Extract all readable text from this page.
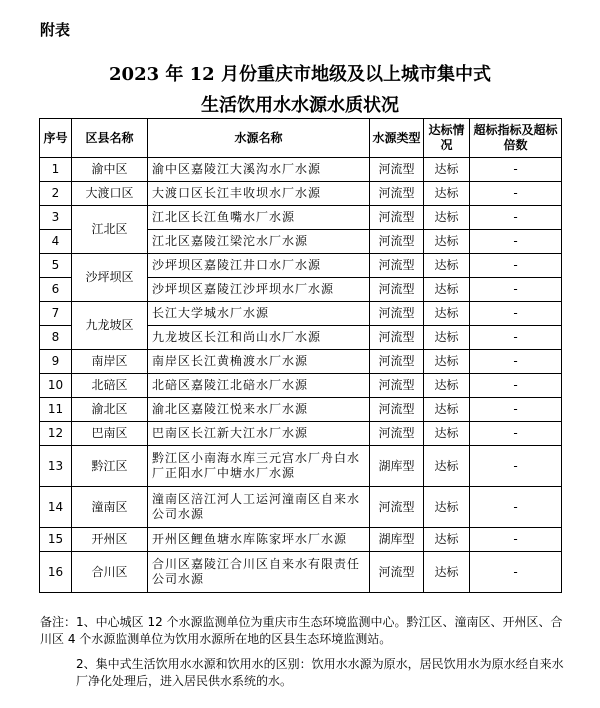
附表
2023 年 12 月份重庆市地级及以上城市集中式
生活饮用水水源水质状况
序号	区县名称	水源名称	水源类型	达标情况	超标指标及超标倍数
1	渝中区	渝中区嘉陵江大溪沟水厂水源	河流型	达标	-
2	大渡口区	大渡口区长江丰收坝水厂水源	河流型	达标	-
3	江北区	江北区长江鱼嘴水厂水源	河流型	达标	-
4		江北区嘉陵江梁沱水厂水源	河流型	达标	-
5	沙坪坝区	沙坪坝区嘉陵江井口水厂水源	河流型	达标	-
6		沙坪坝区嘉陵江沙坪坝水厂水源	河流型	达标	-
7	九龙坡区	长江大学城水厂水源	河流型	达标	-
8		九龙坡区长江和尚山水厂水源	河流型	达标	-
9	南岸区	南岸区长江黄桷渡水厂水源	河流型	达标	-
10	北碚区	北碚区嘉陵江北碚水厂水源	河流型	达标	-
11	渝北区	渝北区嘉陵江悦来水厂水源	河流型	达标	-
12	巴南区	巴南区长江新大江水厂水源	河流型	达标	-
13	黔江区	黔江区小南海水库三元宫水厂舟白水厂正阳水厂中塘水厂水源	湖库型	达标	-
14	潼南区	潼南区涪江河人工运河潼南区自来水公司水源	河流型	达标	-
15	开州区	开州区鲤鱼塘水库陈家坪水厂水源	湖库型	达标	-
16	合川区	合川区嘉陵江合川区自来水有限责任公司水源	河流型	达标	-
备注：1、中心城区 12 个水源监测单位为重庆市生态环境监测中心。黔江区、潼南区、开州区、合川区 4 个水源监测单位为饮用水源所在地的区县生态环境监测站。
2、集中式生活饮用水水源和饮用水的区别：饮用水水源为原水，居民饮用水为原水经自来水厂净化处理后，进入居民供水系统的水。
